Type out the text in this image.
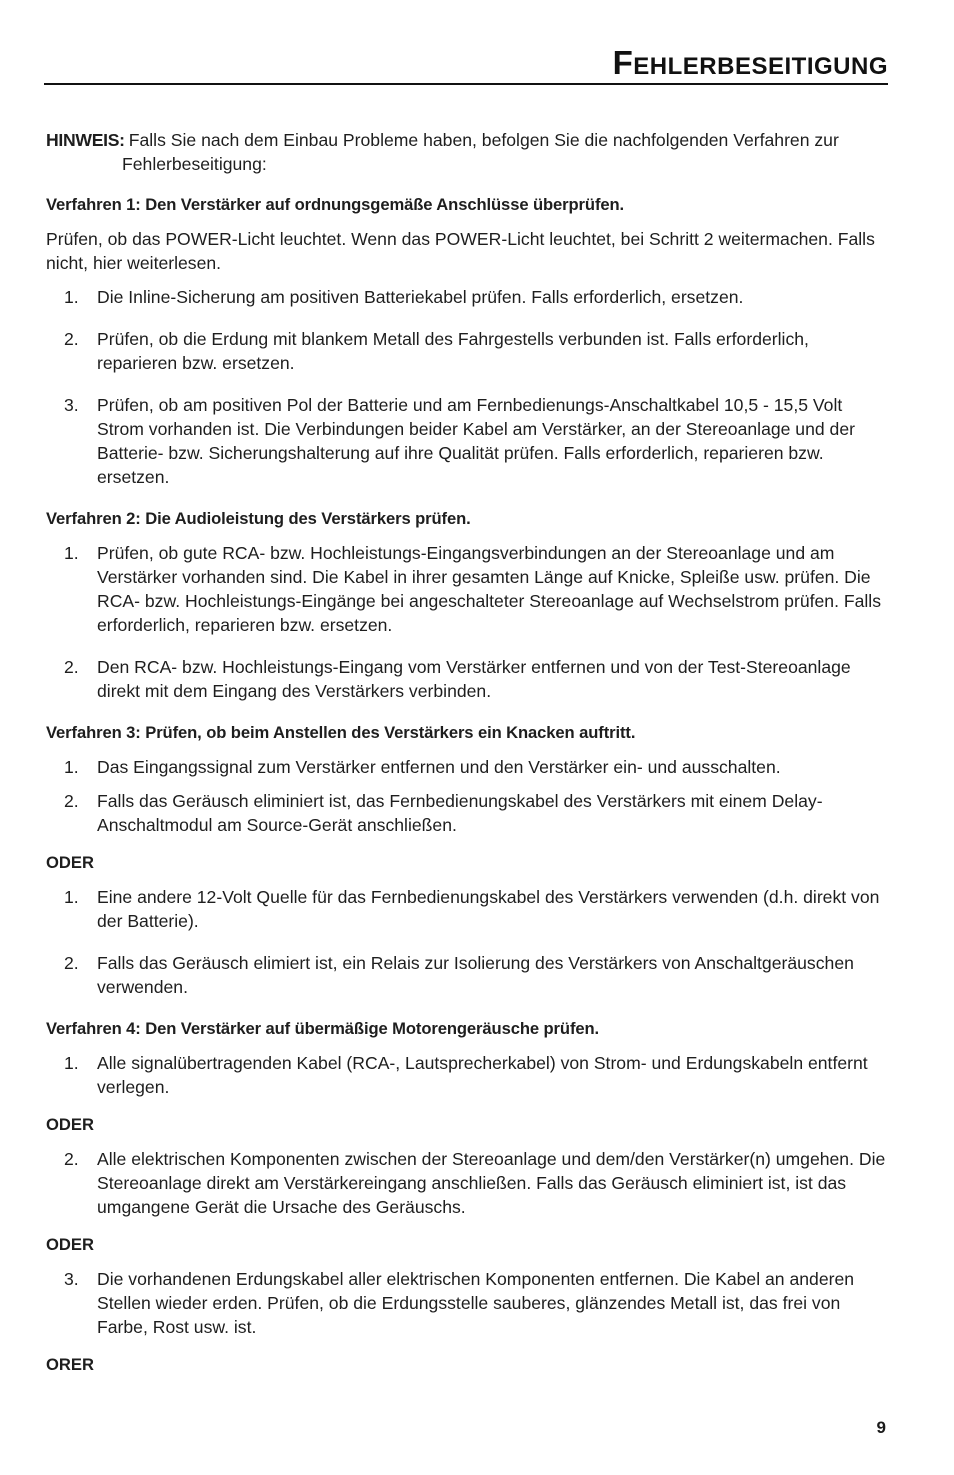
FEHLERBESEITIGUNG

HINWEIS: Falls Sie nach dem Einbau Probleme haben, befolgen Sie die nachfolgenden Verfahren zur Fehlerbeseitigung:

Verfahren 1: Den Verstärker auf ordnungsgemäße Anschlüsse überprüfen.

Prüfen, ob das POWER-Licht leuchtet. Wenn das POWER-Licht leuchtet, bei Schritt 2 weitermachen. Falls nicht, hier weiterlesen.

1. Die Inline-Sicherung am positiven Batteriekabel prüfen. Falls erforderlich, ersetzen.
2. Prüfen, ob die Erdung mit blankem Metall des Fahrgestells verbunden ist. Falls erforderlich, reparieren bzw. ersetzen.
3. Prüfen, ob am positiven Pol der Batterie und am Fernbedienungs-Anschaltkabel 10,5 - 15,5 Volt Strom vorhanden ist. Die Verbindungen beider Kabel am Verstärker, an der Stereoanlage und der Batterie- bzw. Sicherungshalterung auf ihre Qualität prüfen. Falls erforderlich, reparieren bzw. ersetzen.

Verfahren 2: Die Audioleistung des Verstärkers prüfen.

1. Prüfen, ob gute RCA- bzw. Hochleistungs-Eingangsverbindungen an der Stereoanlage und am Verstärker vorhanden sind. Die Kabel in ihrer gesamten Länge auf Knicke, Spleiße usw. prüfen. Die RCA- bzw. Hochleistungs-Eingänge bei angeschalteter Stereoanlage auf Wechselstrom prüfen. Falls erforderlich, reparieren bzw. ersetzen.
2. Den RCA- bzw. Hochleistungs-Eingang vom Verstärker entfernen und von der Test-Stereoanlage direkt mit dem Eingang des Verstärkers verbinden.

Verfahren 3: Prüfen, ob beim Anstellen des Verstärkers ein Knacken auftritt.

1. Das Eingangssignal zum Verstärker entfernen und den Verstärker ein- und ausschalten.
2. Falls das Geräusch eliminiert ist, das Fernbedienungskabel des Verstärkers mit einem Delay-Anschaltmodul am Source-Gerät anschließen.

ODER

1. Eine andere 12-Volt Quelle für das Fernbedienungskabel des Verstärkers verwenden (d.h. direkt von der Batterie).
2. Falls das Geräusch elimiert ist, ein Relais zur Isolierung des Verstärkers von Anschaltgeräuschen verwenden.

Verfahren 4: Den Verstärker auf übermäßige Motorengeräusche prüfen.

1. Alle signalübertragenden Kabel (RCA-, Lautsprecherkabel) von Strom- und Erdungskabeln entfernt verlegen.

ODER

2. Alle elektrischen Komponenten zwischen der Stereoanlage und dem/den Verstärker(n) umgehen. Die Stereoanlage direkt am Verstärkereingang anschließen. Falls das Geräusch eliminiert ist, ist das umgangene Gerät die Ursache des Geräuschs.

ODER

3. Die vorhandenen Erdungskabel aller elektrischen Komponenten entfernen. Die Kabel an anderen Stellen wieder erden. Prüfen, ob die Erdungsstelle sauberes, glänzendes Metall ist, das frei von Farbe, Rost usw. ist.

ORER

9
